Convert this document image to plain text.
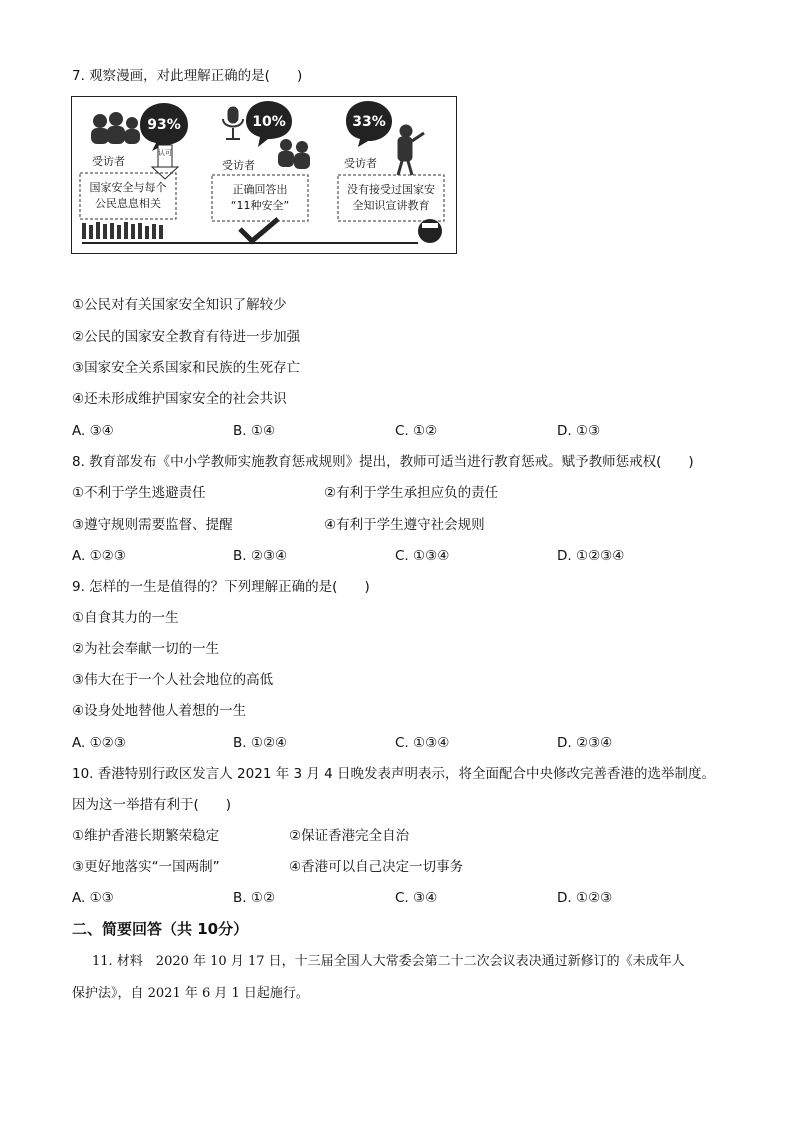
7. 观察漫画，对此理解正确的是(　　)
93%
认可
受访者
国家安全与每个
公民息息相关
10%
受访者
正确回答出
“11种安全”
33%
受访者
没有接受过国家安
全知识宣讲教育
①公民对有关国家安全知识了解较少
②公民的国家安全教育有待进一步加强
③国家安全关系国家和民族的生死存亡
④还未形成维护国家安全的社会共识
A. ③④	B. ①④	C. ①②	D. ①③
8. 教育部发布《中小学教师实施教育惩戒规则》提出，教师可适当进行教育惩戒。赋予教师惩戒权(　　)
①不利于学生逃避责任	②有利于学生承担应负的责任
③遵守规则需要监督、提醒	④有利于学生遵守社会规则
A. ①②③	B. ②③④	C. ①③④	D. ①②③④
9. 怎样的一生是值得的？下列理解正确的是(　　)
①自食其力的一生
②为社会奉献一切的一生
③伟大在于一个人社会地位的高低
④设身处地替他人着想的一生
A. ①②③	B. ①②④	C. ①③④	D. ②③④
10. 香港特别行政区发言人 2021 年 3 月 4 日晚发表声明表示，将全面配合中央修改完善香港的选举制度。
因为这一举措有利于(　　)
①维护香港长期繁荣稳定	②保证香港完全自治
③更好地落实“一国两制”	④香港可以自己决定一切事务
A. ①③	B. ①②	C. ③④	D. ①②③
二、简要回答（共 10分）
11. 材料　2020 年 10 月 17 日，十三届全国人大常委会第二十二次会议表决通过新修订的《未成年人
保护法》，自 2021 年 6 月 1 日起施行。
